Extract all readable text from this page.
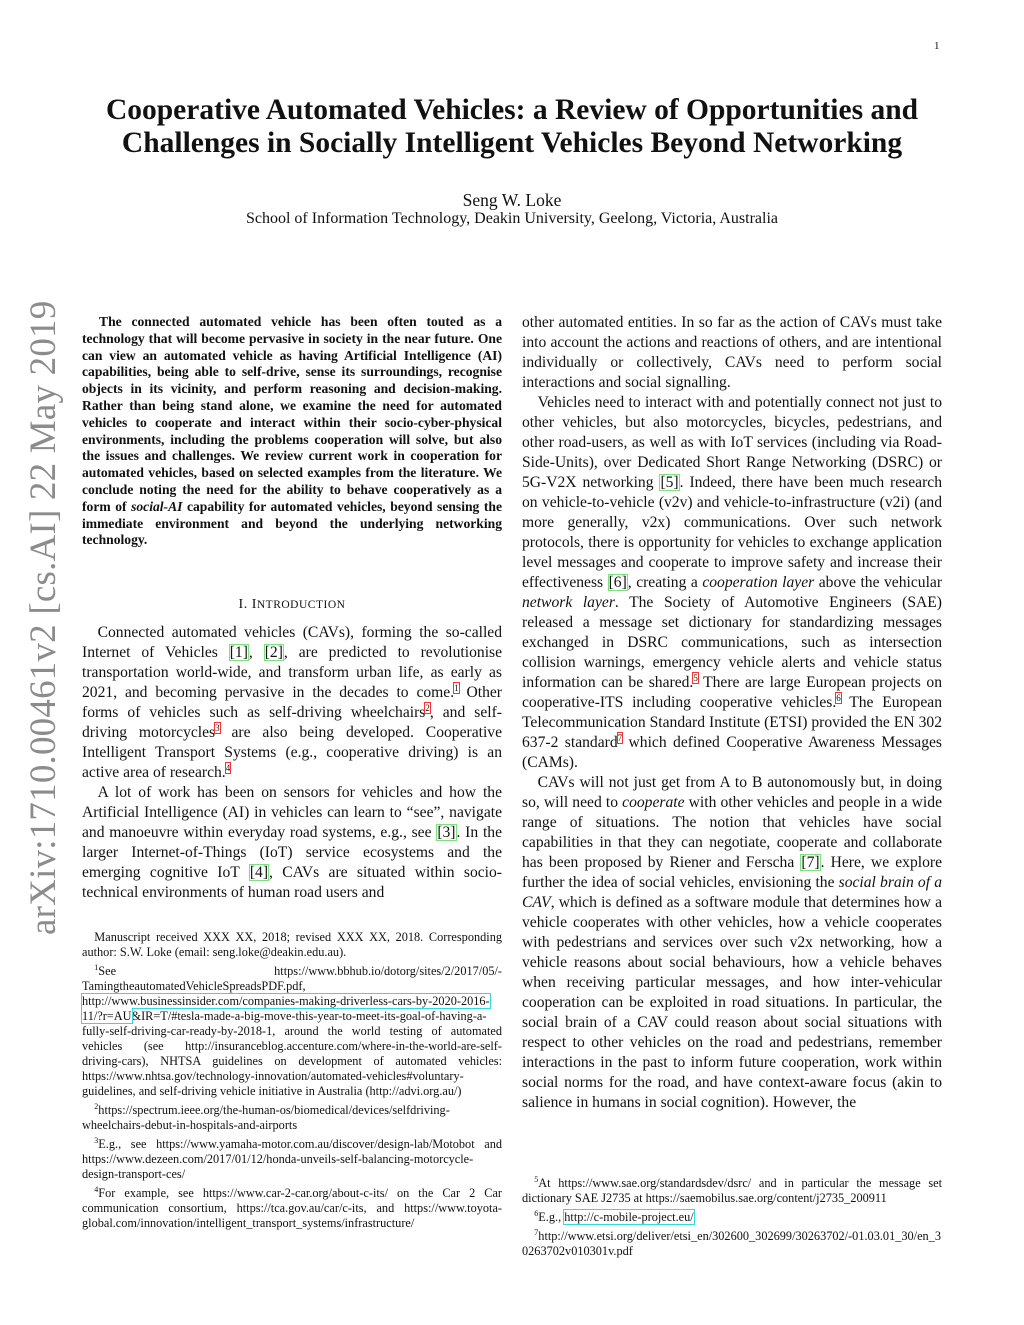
1
arXiv:1710.00461v2 [cs.AI] 22 May 2019
Cooperative Automated Vehicles: a Review of Opportunities and Challenges in Socially Intelligent Vehicles Beyond Networking
Seng W. Loke
School of Information Technology, Deakin University, Geelong, Victoria, Australia

The connected automated vehicle has been often touted as a technology that will become pervasive in society in the near future. One can view an automated vehicle as having Artificial Intelligence (AI) capabilities, being able to self-drive, sense its surroundings, recognise objects in its vicinity, and perform reasoning and decision-making. Rather than being stand alone, we examine the need for automated vehicles to cooperate and interact within their socio-cyber-physical environments, including the problems cooperation will solve, but also the issues and challenges. We review current work in cooperation for automated vehicles, based on selected examples from the literature. We conclude noting the need for the ability to behave cooperatively as a form of social-AI capability for automated vehicles, beyond sensing the immediate environment and beyond the underlying networking technology.

I. INTRODUCTION

Connected automated vehicles (CAVs), forming the so-called Internet of Vehicles [1], [2], are predicted to revolutionise transportation world-wide, and transform urban life, as early as 2021, and becoming pervasive in the decades to come.$^1$ Other forms of vehicles such as self-driving wheelchairs$^2$, and self-driving motorcycles$^3$ are also being developed. Cooperative Intelligent Transport Systems (e.g., cooperative driving) is an active area of research.$^4$

A lot of work has been on sensors for vehicles and how the Artificial Intelligence (AI) in vehicles can learn to “see”, navigate and manoeuvre within everyday road systems, e.g., see [3]. In the larger Internet-of-Things (IoT) service ecosystems and the emerging cognitive IoT [4], CAVs are situated within socio-technical environments of human road users and

other automated entities. In so far as the action of CAVs must take into account the actions and reactions of others, and are intentional individually or collectively, CAVs need to perform social interactions and social signalling.

Vehicles need to interact with and potentially connect not just to other vehicles, but also motorcycles, bicycles, pedestrians, and other road-users, as well as with IoT services (including via Road-Side-Units), over Dedicated Short Range Networking (DSRC) or 5G-V2X networking [5]. Indeed, there have been much research on vehicle-to-vehicle (v2v) and vehicle-to-infrastructure (v2i) (and more generally, v2x) communications. Over such network protocols, there is opportunity for vehicles to exchange application level messages and cooperate to improve safety and increase their effectiveness [6], creating a cooperation layer above the vehicular network layer. The Society of Automotive Engineers (SAE) released a message set dictionary for standardizing messages exchanged in DSRC communications, such as intersection collision warnings, emergency vehicle alerts and vehicle status information can be shared.$^5$ There are large European projects on cooperative-ITS including cooperative vehicles.$^6$ The European Telecommunication Standard Institute (ETSI) provided the EN 302 637-2 standard$^7$ which defined Cooperative Awareness Messages (CAMs).

CAVs will not just get from A to B autonomously but, in doing so, will need to cooperate with other vehicles and people in a wide range of situations. The notion that vehicles have social capabilities in that they can negotiate, cooperate and collaborate has been proposed by Riener and Ferscha [7]. Here, we explore further the idea of social vehicles, envisioning the social brain of a CAV, which is defined as a software module that determines how a vehicle cooperates with other vehicles, how a vehicle cooperates with pedestrians and services over such v2x networking, how a vehicle reasons about social behaviours, how a vehicle behaves when receiving particular messages, and how inter-vehicular cooperation can be exploited in road situations. In particular, the social brain of a CAV could reason about social situations with respect to other vehicles on the road and pedestrians, remember interactions in the past to inform future cooperation, work within social norms for the road, and have context-aware focus (akin to salience in humans in social cognition). However, the

Manuscript received XXX XX, 2018; revised XXX XX, 2018. Corresponding author: S.W. Loke (email: seng.loke@deakin.edu.au).

$^1$See https://www.bbhub.io/dotorg/sites/2/2017/05/-TamingtheautomatedVehicleSpreadsPDF.pdf, http://www.businessinsider.com/companies-making-driverless-cars-by-2020-2016-11/?r=AU&IR=T/#tesla-made-a-big-move-this-year-to-meet-its-goal-of-having-a-fully-self-driving-car-ready-by-2018-1, around the world testing of automated vehicles (see http://insuranceblog.accenture.com/where-in-the-world-are-self-driving-cars), NHTSA guidelines on development of automated vehicles: https://www.nhtsa.gov/technology-innovation/automated-vehicles#voluntary-guidelines, and self-driving vehicle initiative in Australia (http://advi.org.au/)

$^2$https://spectrum.ieee.org/the-human-os/biomedical/devices/selfdriving-wheelchairs-debut-in-hospitals-and-airports

$^3$E.g., see https://www.yamaha-motor.com.au/discover/design-lab/Motobot and https://www.dezeen.com/2017/01/12/honda-unveils-self-balancing-motorcycle-design-transport-ces/

$^4$For example, see https://www.car-2-car.org/about-c-its/ on the Car 2 Car communication consortium, https://tca.gov.au/car/c-its, and https://www.toyota-global.com/innovation/intelligent_transport_systems/infrastructure/

$^5$At https://www.sae.org/standardsdev/dsrc/ and in particular the message set dictionary SAE J2735 at https://saemobilus.sae.org/content/j2735_200911

$^6$E.g., http://c-mobile-project.eu/

$^7$http://www.etsi.org/deliver/etsi_en/302600_302699/30263702/-01.03.01_30/en_30263702v010301v.pdf
